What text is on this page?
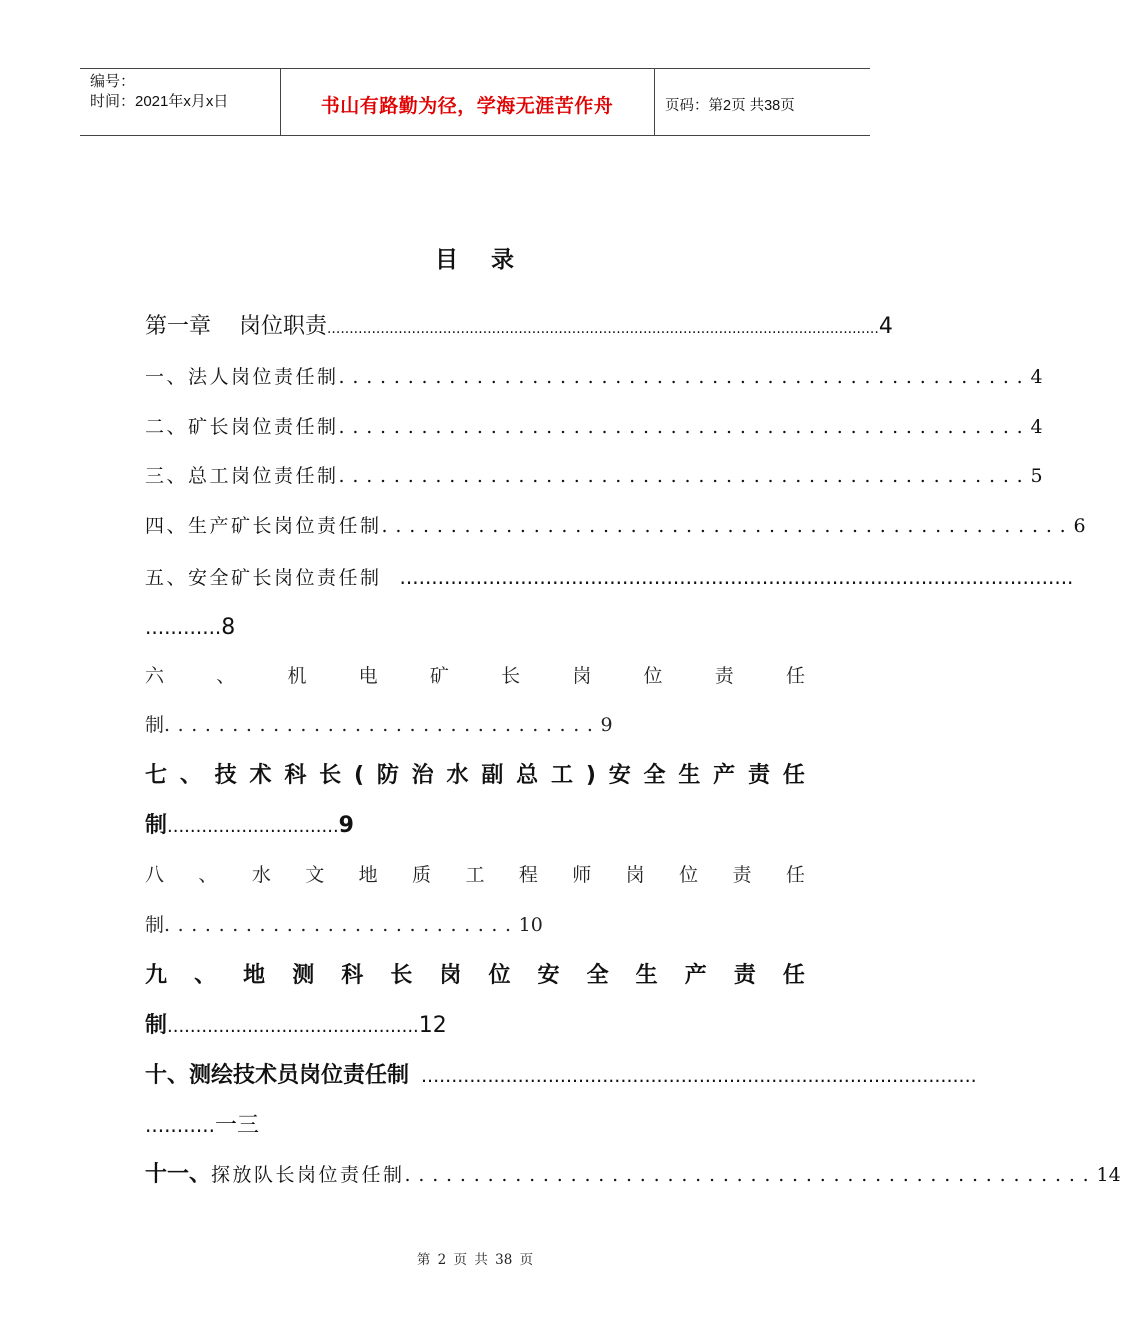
编号：
时间：2021年x月x日	书山有路勤为径，学海无涯苦作舟	页码：第2页 共38页
目 录
第一章    岗位职责 ............................................................................................................................ 4
一、法人岗位责任制 .................................................. 4
二、矿长岗位责任制 .................................................. 4
三、总工岗位责任制 .................................................. 5
四、生产矿长岗位责任制 .................................................. 6
五、安全矿长岗位责任制 ..........................................................................................................
............8
六	、	机	电	矿	长	岗	位	责	任
制................................9
七 、 技 术 科 长 ( 防 治 水 副 总 工 ) 安 全 生 产 责 任
制..............................9
八 、 水 文 地 质 工 程 师 岗 位 责 任
制..........................10
九 、 地 测 科 长 岗 位 安 全 生 产 责 任
制............................................12
十、测绘技术员岗位责任制 ............................................................................................
...........一三
十一、 探放队长岗位责任制 .................................................. 14
第 2 页 共 38 页
